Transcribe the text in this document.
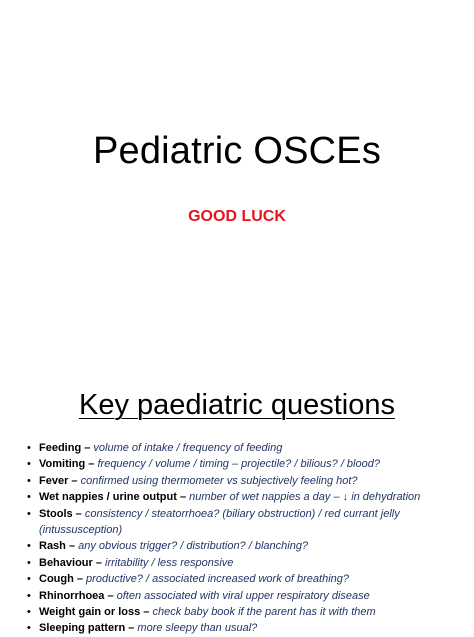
Pediatric OSCEs
GOOD LUCK
Key paediatric questions
• Feeding – volume of intake / frequency of feeding
• Vomiting – frequency / volume / timing – projectile? / bilious? / blood?
• Fever – confirmed using thermometer vs subjectively feeling hot?
• Wet nappies / urine output – number of wet nappies a day – ↓ in dehydration
• Stools – consistency / steatorrhoea? (biliary obstruction) / red currant jelly
(intussusception)
• Rash – any obvious trigger? / distribution? / blanching?
• Behaviour – irritability / less responsive
• Cough – productive? / associated increased work of breathing?
• Rhinorrhoea – often associated with viral upper respiratory disease
• Weight gain or loss – check baby book if the parent has it with them
• Sleeping pattern – more sleepy than usual?
